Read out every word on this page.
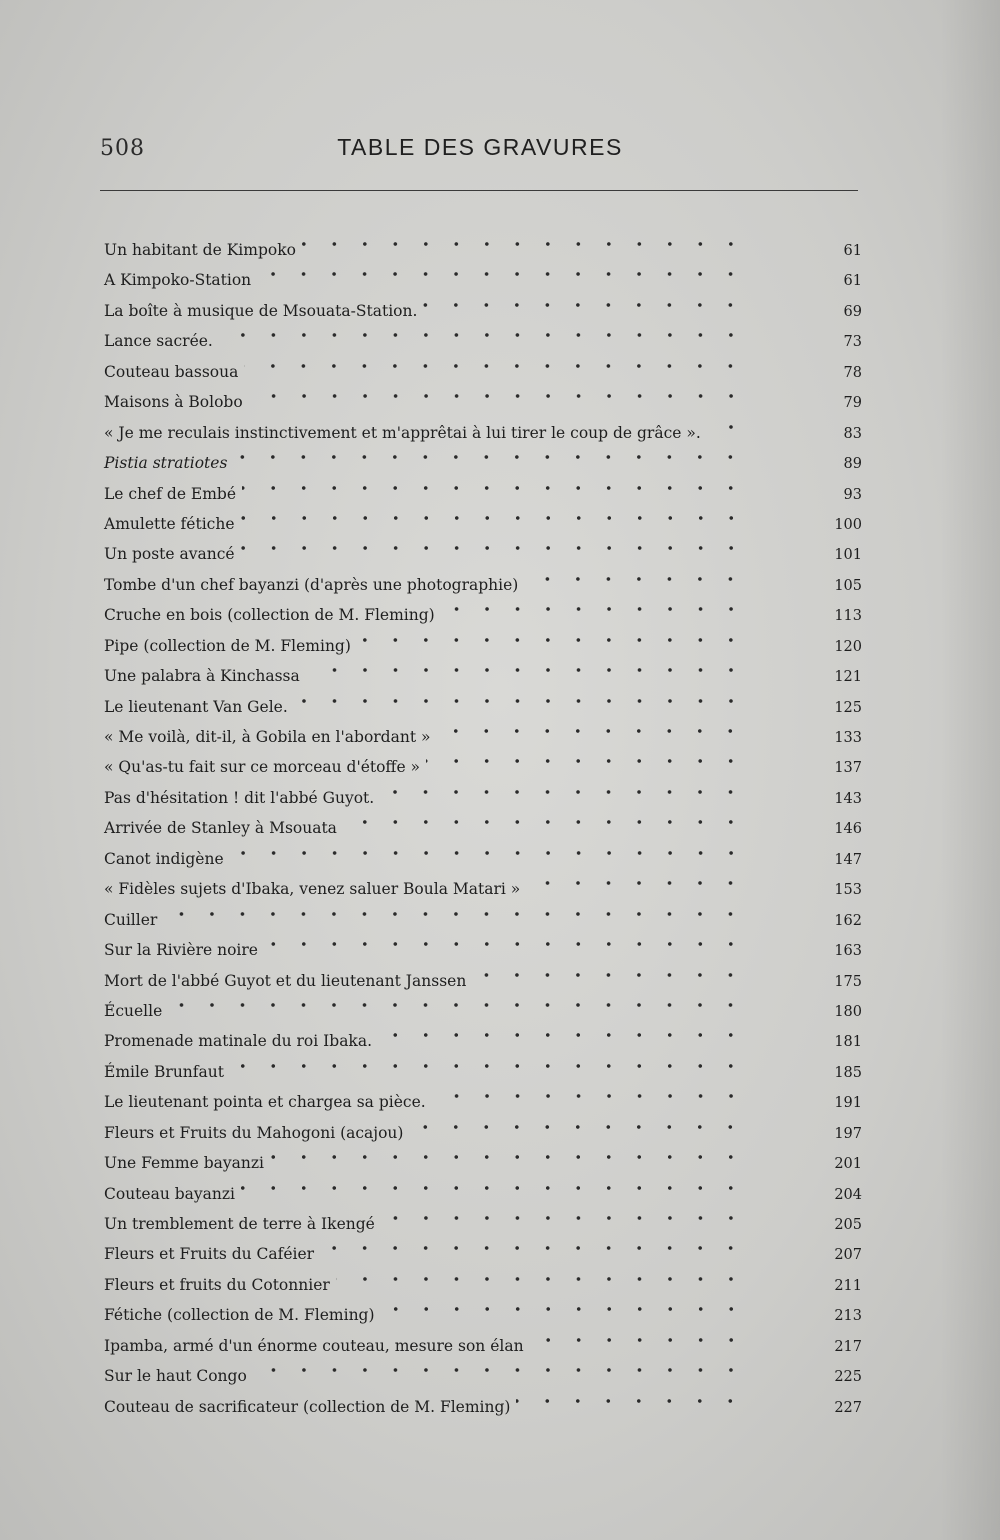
508	TABLE DES GRAVURES
Un habitant de Kimpoko	61
A Kimpoko-Station	61
La boîte à musique de Msouata-Station.	69
Lance sacrée.	73
Couteau bassoua	78
Maisons à Bolobo	79
« Je me reculais instinctivement et m'apprêtai à lui tirer le coup de grâce ».	83
Pistia stratiotes	89
Le chef de Embé	93
Amulette fétiche	100
Un poste avancé	101
Tombe d'un chef bayanzi (d'après une photographie)	105
Cruche en bois (collection de M. Fleming)	113
Pipe (collection de M. Fleming)	120
Une palabra à Kinchassa	121
Le lieutenant Van Gele.	125
« Me voilà, dit-il, à Gobila en l'abordant »	133
« Qu'as-tu fait sur ce morceau d'étoffe »	137
Pas d'hésitation ! dit l'abbé Guyot.	143
Arrivée de Stanley à Msouata	146
Canot indigène	147
« Fidèles sujets d'Ibaka, venez saluer Boula Matari »	153
Cuiller	162
Sur la Rivière noire	163
Mort de l'abbé Guyot et du lieutenant Janssen	175
Écuelle	180
Promenade matinale du roi Ibaka.	181
Émile Brunfaut	185
Le lieutenant pointa et chargea sa pièce.	191
Fleurs et Fruits du Mahogoni (acajou)	197
Une Femme bayanzi	201
Couteau bayanzi	204
Un tremblement de terre à Ikengé	205
Fleurs et Fruits du Caféier	207
Fleurs et fruits du Cotonnier	211
Fétiche (collection de M. Fleming)	213
Ipamba, armé d'un énorme couteau, mesure son élan	217
Sur le haut Congo	225
Couteau de sacrificateur (collection de M. Fleming)	227
